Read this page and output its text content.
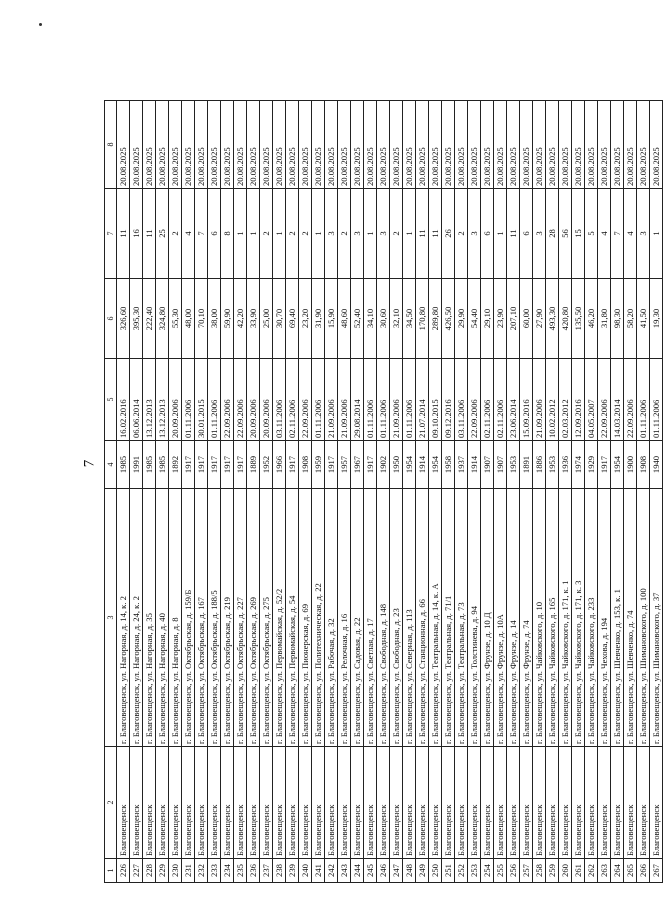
7
1	2	3	4	5	6	7	8
226	Благовещенск	г. Благовещенск, ул. Нагорная, д. 14, к. 2	1985	16.02.2016	326,60	11	20.08.2025
227	Благовещенск	г. Благовещенск, ул. Нагорная, д. 24, к. 2	1991	06.06.2014	395,30	16	20.08.2025
228	Благовещенск	г. Благовещенск, ул. Нагорная, д. 35	1985	13.12.2013	222,40	11	20.08.2025
229	Благовещенск	г. Благовещенск, ул. Нагорная, д. 40	1985	13.12.2013	324,80	25	20.08.2025
230	Благовещенск	г. Благовещенск, ул. Нагорная, д. 8	1892	20.09.2006	55,30	2	20.08.2025
231	Благовещенск	г. Благовещенск, ул. Октябрьская, д. 159/Б	1917	01.11.2006	48,00	4	20.08.2025
232	Благовещенск	г. Благовещенск, ул. Октябрьская, д. 167	1917	30.01.2015	70,10	7	20.08.2025
233	Благовещенск	г. Благовещенск, ул. Октябрьская, д. 188/5	1917	01.11.2006	38,00	6	20.08.2025
234	Благовещенск	г. Благовещенск, ул. Октябрьская, д. 219	1917	22.09.2006	59,90	8	20.08.2025
235	Благовещенск	г. Благовещенск, ул. Октябрьская, д. 227	1917	22.09.2006	42,20	1	20.08.2025
236	Благовещенск	г. Благовещенск, ул. Октябрьская, д. 269	1889	20.09.2006	33,90	1	20.08.2025
237	Благовещенск	г. Благовещенск, ул. Октябрьская, д. 275	1952	20.09.2006	25,00	2	20.08.2025
238	Благовещенск	г. Благовещенск, ул. Первомайская, д. 52/2	1966	03.11.2006	30,70	1	20.08.2025
239	Благовещенск	г. Благовещенск, ул. Первомайская, д. 54	1917	02.11.2006	69,40	2	20.08.2025
240	Благовещенск	г. Благовещенск, ул. Пионерская, д. 69	1908	22.09.2006	23,20	2	20.08.2025
241	Благовещенск	г. Благовещенск, ул. Политехническая, д. 22	1959	01.11.2006	31,90	1	20.08.2025
242	Благовещенск	г. Благовещенск, ул. Рабочая, д. 32	1917	21.09.2006	15,90	3	20.08.2025
243	Благовещенск	г. Благовещенск, ул. Релочная, д. 16	1957	21.09.2006	48,60	2	20.08.2025
244	Благовещенск	г. Благовещенск, ул. Садовая, д. 22	1967	29.08.2014	52,40	3	20.08.2025
245	Благовещенск	г. Благовещенск, ул. Светлая, д. 17	1917	01.11.2006	34,10	1	20.08.2025
246	Благовещенск	г. Благовещенск, ул. Свободная, д. 148	1902	01.11.2006	30,60	3	20.08.2025
247	Благовещенск	г. Благовещенск, ул. Свободная, д. 23	1950	21.09.2006	32,10	2	20.08.2025
248	Благовещенск	г. Благовещенск, ул. Северная, д. 113	1954	01.11.2006	34,50	1	20.08.2025
249	Благовещенск	г. Благовещенск, ул. Станционная, д. 66	1914	21.07.2014	170,80	11	20.08.2025
250	Благовещенск	г. Благовещенск, ул. Театральная, д. 14, к. А	1954	09.10.2015	289,80	11	20.08.2025
251	Благовещенск	г. Благовещенск, ул. Театральная, д. 71/1	1958	09.12.2016	426,50	26	20.08.2025
252	Благовещенск	г. Благовещенск, ул. Театральная, д. 73	1937	03.11.2006	29,90	2	20.08.2025
253	Благовещенск	г. Благовещенск, ул. Толстинева, д. 94	1914	22.09.2006	54,40	3	20.08.2025
254	Благовещенск	г. Благовещенск, ул. Фрунзе, д. 10 Д	1907	02.11.2006	29,10	6	20.08.2025
255	Благовещенск	г. Благовещенск, ул. Фрунзе, д. 10А	1907	02.11.2006	23,90	1	20.08.2025
256	Благовещенск	г. Благовещенск, ул. Фрунзе, д. 14	1953	23.06.2014	207,10	11	20.08.2025
257	Благовещенск	г. Благовещенск, ул. Фрунзе, д. 74	1891	15.09.2016	60,00	6	20.08.2025
258	Благовещенск	г. Благовещенск, ул. Чайковского, д. 10	1886	21.09.2006	27,90	3	20.08.2025
259	Благовещенск	г. Благовещенск, ул. Чайковского, д. 165	1953	10.02.2012	493,30	28	20.08.2025
260	Благовещенск	г. Благовещенск, ул. Чайковского, д. 171, к. 1	1936	02.03.2012	420,80	56	20.08.2025
261	Благовещенск	г. Благовещенск, ул. Чайковского, д. 171, к. 3	1974	12.09.2016	135,50	15	20.08.2025
262	Благовещенск	г. Благовещенск, ул. Чайковского, д. 233	1929	04.05.2007	46,20	5	20.08.2025
263	Благовещенск	г. Благовещенск, ул. Чехова, д. 194	1917	22.09.2006	31,80	4	20.08.2025
264	Благовещенск	г. Благовещенск, ул. Шевченко, д. 153, к. 1	1954	14.03.2014	98,30	7	20.08.2025
265	Благовещенск	г. Благовещенск, ул. Шевченко, д. 74	1900	22.09.2006	58,20	4	20.08.2025
266	Благовещенск	г. Благовещенск, ул. Шимановского, д. 100	1908	01.11.2006	41,50	3	20.08.2025
267	Благовещенск	г. Благовещенск, ул. Шимановского, д. 37	1940	01.11.2006	19,30	1	20.08.2025
